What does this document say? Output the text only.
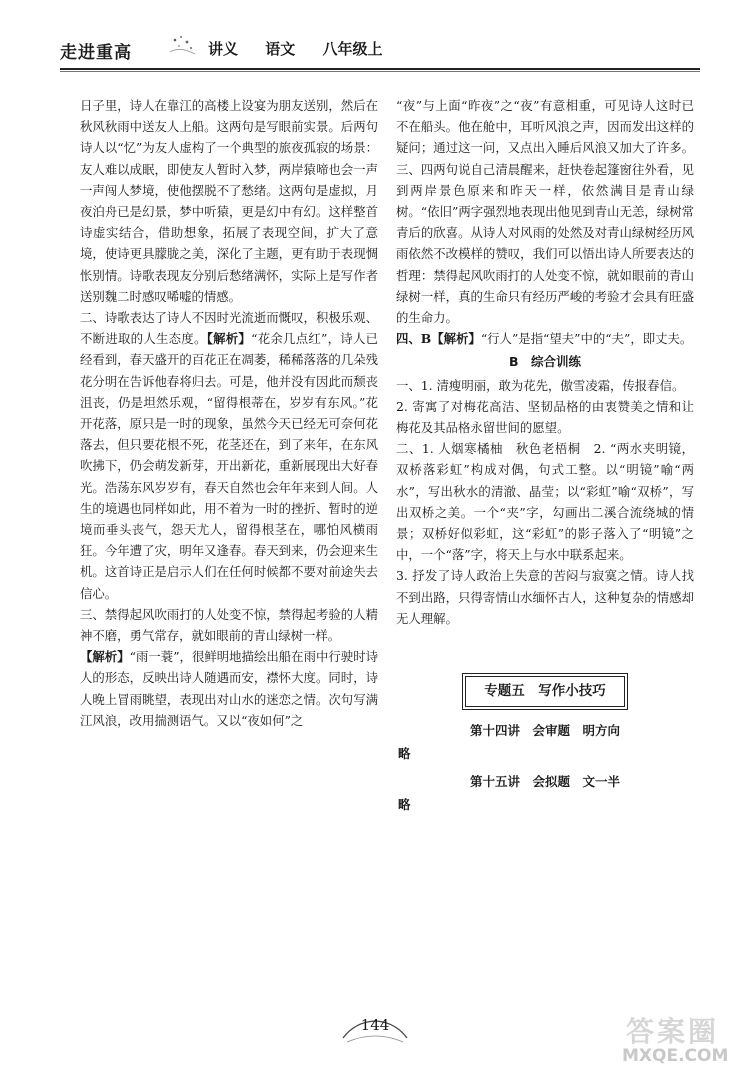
走进重高	讲义 语文 八年级上

日子里，诗人在靠江的高楼上设宴为朋友送别，然后在秋风秋雨中送友人上船。这两句是写眼前实景。后两句诗人以“忆”为友人虚构了一个典型的旅夜孤寂的场景：友人难以成眠，即使友人暂时入梦，两岸猿啼也会一声一声闯人梦境，使他摆脱不了愁绪。这两句是虚拟，月夜泊舟已是幻景，梦中听猿，更是幻中有幻。这样整首诗虚实结合，借助想象，拓展了表现空间，扩大了意境，使诗更具朦胧之美，深化了主题，更有助于表现惆怅别情。诗歌表现友分别后愁绪满怀，实际上是写作者送别魏二时感叹唏嘘的情感。

二、诗歌表达了诗人不因时光流逝而慨叹，积极乐观、不断进取的人生态度。【解析】“花余几点红”，诗人已经看到，春天盛开的百花正在凋萎，稀稀落落的几朵残花分明在告诉他春将归去。可是，他并没有因此而颓丧沮丧，仍是坦然乐观，“留得根蒂在，岁岁有东风。”花开花落，原只是一时的现象，虽然今天已经无可奈何花落去，但只要花根不死，花茎还在，到了来年，在东风吹拂下，仍会萌发新芽，开出新花，重新展现出大好春光。浩荡东风岁岁有，春天自然也会年年来到人间。人生的境遇也同样如此，用不着为一时的挫折、暂时的逆境而垂头丧气，怨天尤人，留得根茎在，哪怕风横雨狂。今年遭了灾，明年又逢春。春天到来，仍会迎来生机。这首诗正是启示人们在任何时候都不要对前途失去信心。

三、禁得起风吹雨打的人处变不惊，禁得起考验的人精神不磨，勇气常存，就如眼前的青山绿树一样。

【解析】“雨一蓑”，很鲜明地描绘出船在雨中行驶时诗人的形态，反映出诗人随遇而安，襟怀大度。同时，诗人晚上冒雨眺望，表现出对山水的迷恋之情。次句写满江风浪，改用揣测语气。又以“夜如何”之

“夜”与上面“昨夜”之“夜”有意相重，可见诗人这时已不在船头。他在舱中，耳听风浪之声，因而发出这样的疑问；通过这一问，又点出入睡后风浪又加大了许多。三、四两句说自己清晨醒来，赶快卷起篷窗往外看，见到两岸景色原来和昨天一样，依然满目是青山绿树。“依旧”两字强烈地表现出他见到青山无恙，绿树常青后的欣喜。从诗人对风雨的处然及对青山绿树经历风雨依然不改模样的赞叹，我们可以悟出诗人所要表达的哲理：禁得起风吹雨打的人处变不惊，就如眼前的青山绿树一样，真的生命只有经历严峻的考验才会具有旺盛的生命力。

四、B【解析】“行人”是指“望夫”中的“夫”，即丈夫。

B　综合训练

一、1. 清瘦明丽，敢为花先，傲雪凌霜，传报春信。

2. 寄寓了对梅花高洁、坚韧品格的由衷赞美之情和让梅花及其品格永留世间的愿望。

二、1. 人烟寒橘柚　秋色老梧桐　2. “两水夹明镜，双桥落彩虹”构成对偶，句式工整。以“明镜”喻“两水”，写出秋水的清澈、晶莹；以“彩虹”喻“双桥”，写出双桥之美。一个“夹”字，勾画出二溪合流绕城的情景；双桥好似彩虹，这“彩虹”的影子落入了“明镜”之中，一个“落”字，将天上与水中联系起来。

3. 抒发了诗人政治上失意的苦闷与寂寞之情。诗人找不到出路，只得寄情山水缅怀古人，这种复杂的情感却无人理解。

专题五　写作小技巧
第十四讲　会审题　明方向
略
第十五讲　会拟题　文一半
略
144	答案圈
MXQE.COM
